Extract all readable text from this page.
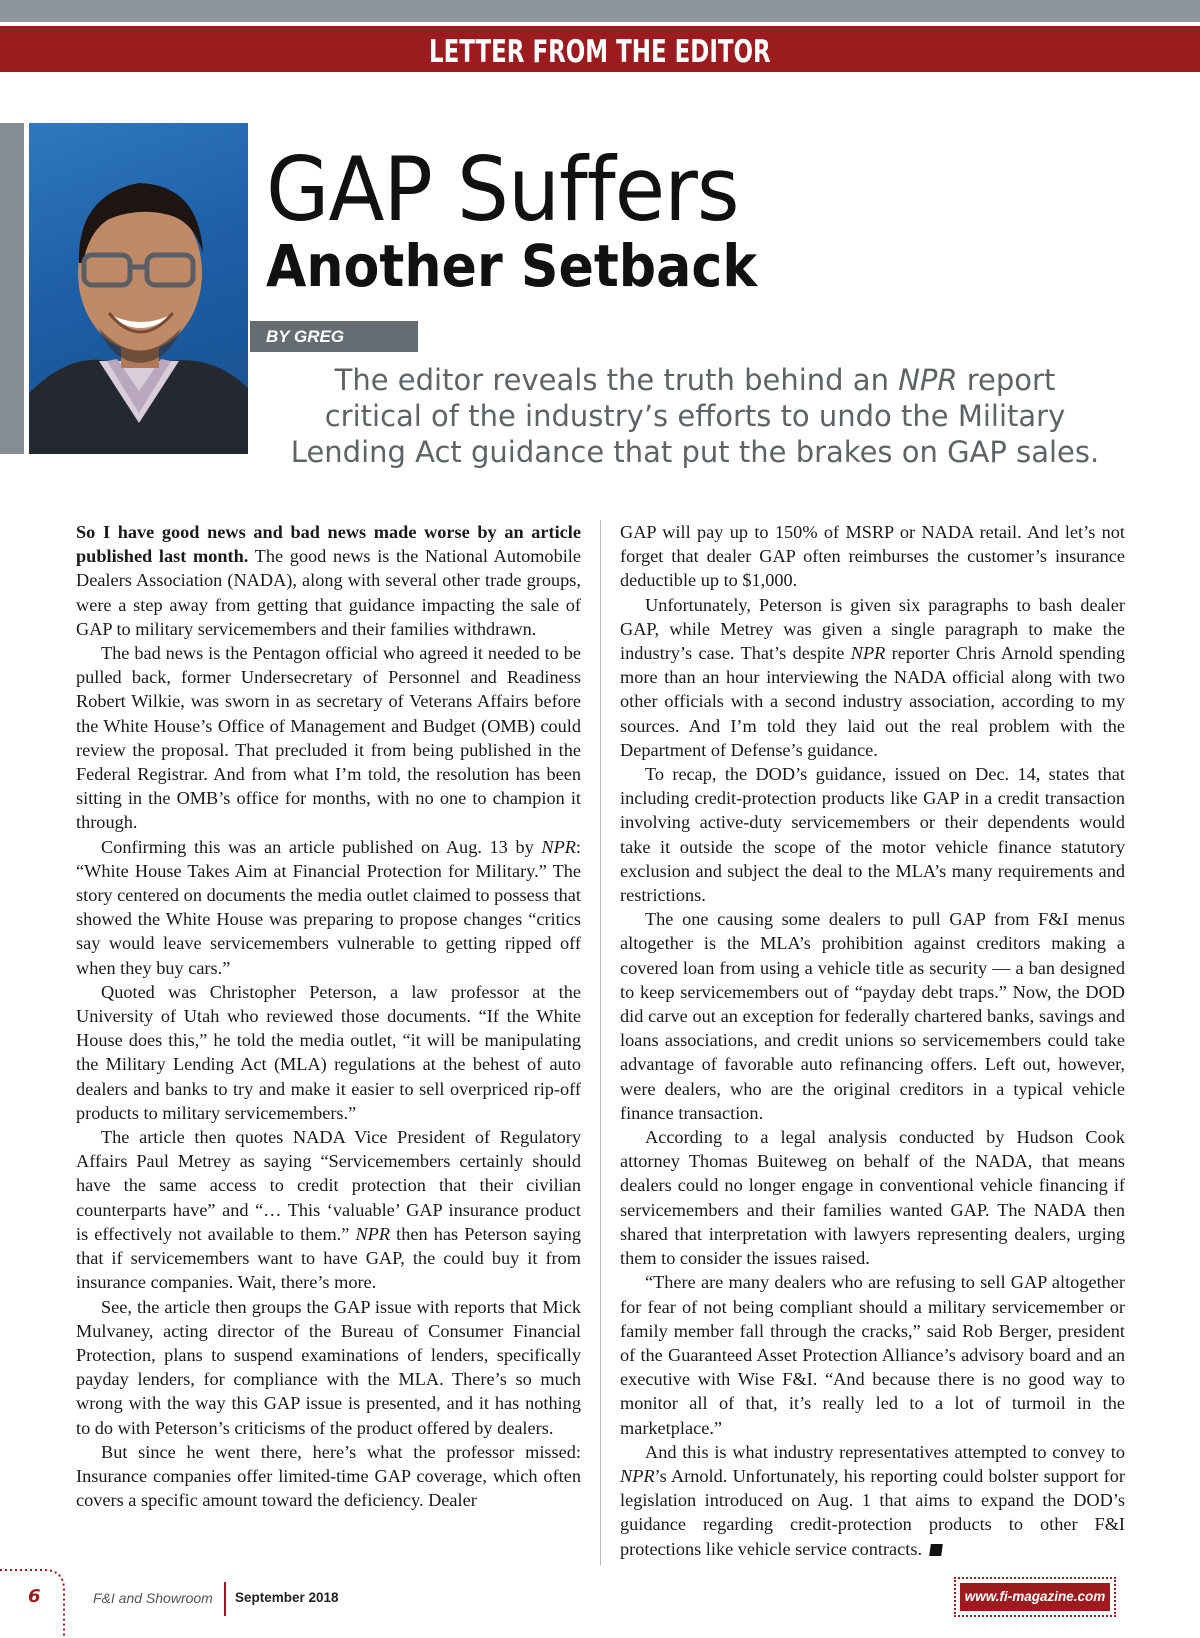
LETTER FROM THE EDITOR
GAP Suffers
Another Setback
BY GREG ARROYO
The editor reveals the truth behind an NPR report critical of the industry’s efforts to undo the Military Lending Act guidance that put the brakes on GAP sales.

So I have good news and bad news made worse by an article published last month. The good news is the National Automobile Dealers Association (NADA), along with several other trade groups, were a step away from getting that guidance impacting the sale of GAP to military servicemembers and their families withdrawn.

The bad news is the Pentagon official who agreed it needed to be pulled back, former Undersecretary of Personnel and Readiness Robert Wilkie, was sworn in as secretary of Veterans Affairs before the White House’s Office of Management and Budget (OMB) could review the proposal. That precluded it from being published in the Federal Registrar. And from what I’m told, the resolution has been sitting in the OMB’s office for months, with no one to champion it through.

Confirming this was an article published on Aug. 13 by NPR: “White House Takes Aim at Financial Protection for Military.” The story centered on documents the media outlet claimed to possess that showed the White House was preparing to propose changes “critics say would leave servicemembers vulnerable to getting ripped off when they buy cars.”

Quoted was Christopher Peterson, a law professor at the University of Utah who reviewed those documents. “If the White House does this,” he told the media outlet, “it will be manipulating the Military Lending Act (MLA) regulations at the behest of auto dealers and banks to try and make it easier to sell overpriced rip-off products to military servicemembers.”

The article then quotes NADA Vice President of Regulatory Affairs Paul Metrey as saying “Servicemembers certainly should have the same access to credit protection that their civilian counterparts have” and “… This ‘valuable’ GAP insurance product is effectively not available to them.” NPR then has Peterson saying that if servicemembers want to have GAP, the could buy it from insurance companies. Wait, there’s more.

See, the article then groups the GAP issue with reports that Mick Mulvaney, acting director of the Bureau of Consumer Financial Protection, plans to suspend examinations of lenders, specifically payday lenders, for compliance with the MLA. There’s so much wrong with the way this GAP issue is presented, and it has nothing to do with Peterson’s criticisms of the product offered by dealers.

But since he went there, here’s what the professor missed: Insurance companies offer limited-time GAP coverage, which often covers a specific amount toward the deficiency. Dealer

GAP will pay up to 150% of MSRP or NADA retail. And let’s not forget that dealer GAP often reimburses the customer’s insurance deductible up to $1,000.

Unfortunately, Peterson is given six paragraphs to bash dealer GAP, while Metrey was given a single paragraph to make the industry’s case. That’s despite NPR reporter Chris Arnold spending more than an hour interviewing the NADA official along with two other officials with a second industry association, according to my sources. And I’m told they laid out the real problem with the Department of Defense’s guidance.

To recap, the DOD’s guidance, issued on Dec. 14, states that including credit-protection products like GAP in a credit transaction involving active-duty servicemembers or their dependents would take it outside the scope of the motor vehicle finance statutory exclusion and subject the deal to the MLA’s many requirements and restrictions.

The one causing some dealers to pull GAP from F&I menus altogether is the MLA’s prohibition against creditors making a covered loan from using a vehicle title as security — a ban designed to keep servicemembers out of “payday debt traps.” Now, the DOD did carve out an exception for federally chartered banks, savings and loans associations, and credit unions so servicemembers could take advantage of favorable auto refinancing offers. Left out, however, were dealers, who are the original creditors in a typical vehicle finance transaction.

According to a legal analysis conducted by Hudson Cook attorney Thomas Buiteweg on behalf of the NADA, that means dealers could no longer engage in conventional vehicle financing if servicemembers and their families wanted GAP. The NADA then shared that interpretation with lawyers representing dealers, urging them to consider the issues raised.

“There are many dealers who are refusing to sell GAP altogether for fear of not being compliant should a military servicemember or family member fall through the cracks,” said Rob Berger, president of the Guaranteed Asset Protection Alliance’s advisory board and an executive with Wise F&I. “And because there is no good way to monitor all of that, it’s really led to a lot of turmoil in the marketplace.”

And this is what industry representatives attempted to convey to NPR’s Arnold. Unfortunately, his reporting could bolster support for legislation introduced on Aug. 1 that aims to expand the DOD’s guidance regarding credit-protection products to other F&I protections like vehicle service contracts.

6	F&I and Showroom September 2018	www.fi-magazine.com
